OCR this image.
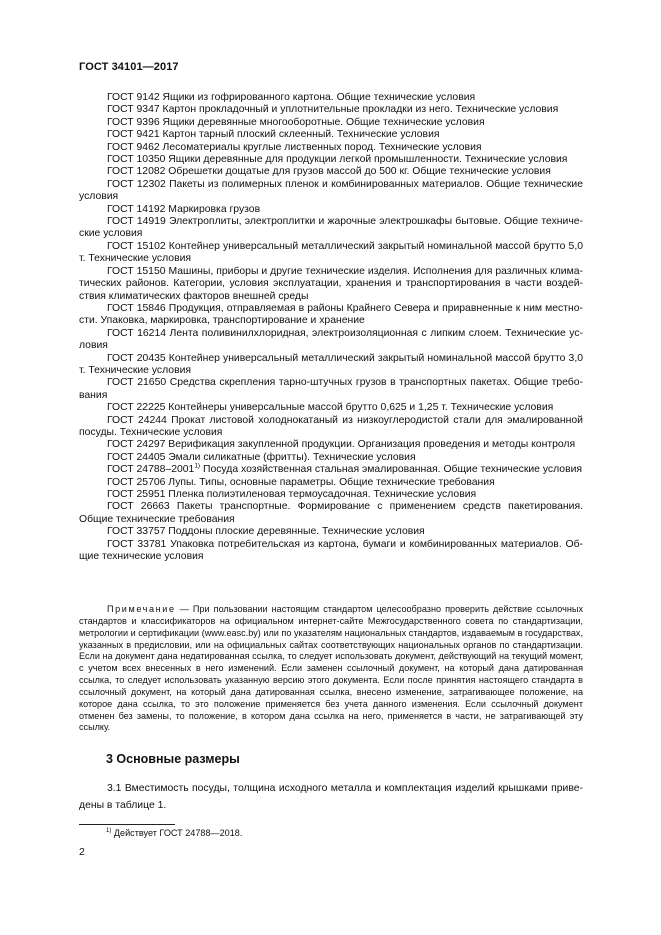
ГОСТ 34101—2017

ГОСТ 9142 Ящики из гофрированного картона. Общие технические условия

ГОСТ 9347 Картон прокладочный и уплотнительные прокладки из него. Технические условия

ГОСТ 9396 Ящики деревянные многооборотные. Общие технические условия

ГОСТ 9421 Картон тарный плоский склеенный. Технические условия

ГОСТ 9462 Лесоматериалы круглые лиственных пород. Технические условия

ГОСТ 10350 Ящики деревянные для продукции легкой промышленности. Технические условия

ГОСТ 12082 Обрешетки дощатые для грузов массой до 500 кг. Общие технические условия

ГОСТ 12302 Пакеты из полимерных пленок и комбинированных материалов. Общие технические условия

ГОСТ 14192 Маркировка грузов

ГОСТ 14919 Электроплиты, электроплитки и жарочные электрошкафы бытовые. Общие технические условия

ГОСТ 15102 Контейнер универсальный металлический закрытый номинальной массой брутто 5,0 т. Технические условия

ГОСТ 15150 Машины, приборы и другие технические изделия. Исполнения для различных климатических районов. Категории, условия эксплуатации, хранения и транспортирования в части воздействия климатических факторов внешней среды

ГОСТ 15846 Продукция, отправляемая в районы Крайнего Севера и приравненные к ним местности. Упаковка, маркировка, транспортирование и хранение

ГОСТ 16214 Лента поливинилхлоридная, электроизоляционная с липким слоем. Технические условия

ГОСТ 20435 Контейнер универсальный металлический закрытый номинальной массой брутто 3,0 т. Технические условия

ГОСТ 21650 Средства скрепления тарно-штучных грузов в транспортных пакетах. Общие требования

ГОСТ 22225 Контейнеры универсальные массой брутто 0,625 и 1,25 т. Технические условия

ГОСТ 24244 Прокат листовой холоднокатаный из низкоуглеродистой стали для эмалированной посуды. Технические условия

ГОСТ 24297 Верификация закупленной продукции. Организация проведения и методы контроля

ГОСТ 24405 Эмали силикатные (фритты). Технические условия

ГОСТ 24788–2001$^{1)}$ Посуда хозяйственная стальная эмалированная. Общие технические условия

ГОСТ 25706 Лупы. Типы, основные параметры. Общие технические требования

ГОСТ 25951 Пленка полиэтиленовая термоусадочная. Технические условия

ГОСТ 26663 Пакеты транспортные. Формирование с применением средств пакетирования. Общие технические требования

ГОСТ 33757 Поддоны плоские деревянные. Технические условия

ГОСТ 33781 Упаковка потребительская из картона, бумаги и комбинированных материалов. Общие технические условия

Примечание — При пользовании настоящим стандартом целесообразно проверить действие ссылочных стандартов и классификаторов на официальном интернет-сайте Межгосударственного совета по стандартизации, метрологии и сертификации (www.easc.by) или по указателям национальных стандартов, издаваемым в государствах, указанных в предисловии, или на официальных сайтах соответствующих национальных органов по стандартизации. Если на документ дана недатированная ссылка, то следует использовать документ, действующий на текущий момент, с учетом всех внесенных в него изменений. Если заменен ссылочный документ, на который дана датированная ссылка, то следует использовать указанную версию этого документа. Если после принятия настоящего стандарта в ссылочный документ, на который дана датированная ссылка, внесено изменение, затрагивающее положение, на которое дана ссылка, то это положение применяется без учета данного изменения. Если ссылочный документ отменен без замены, то положение, в котором дана ссылка на него, применяется в части, не затрагивающей эту ссылку.

3 Основные размеры

3.1 Вместимость посуды, толщина исходного металла и комплектация изделий крышками приведены в таблице 1.

$^{1)}$ Действует ГОСТ 24788—2018.
2
